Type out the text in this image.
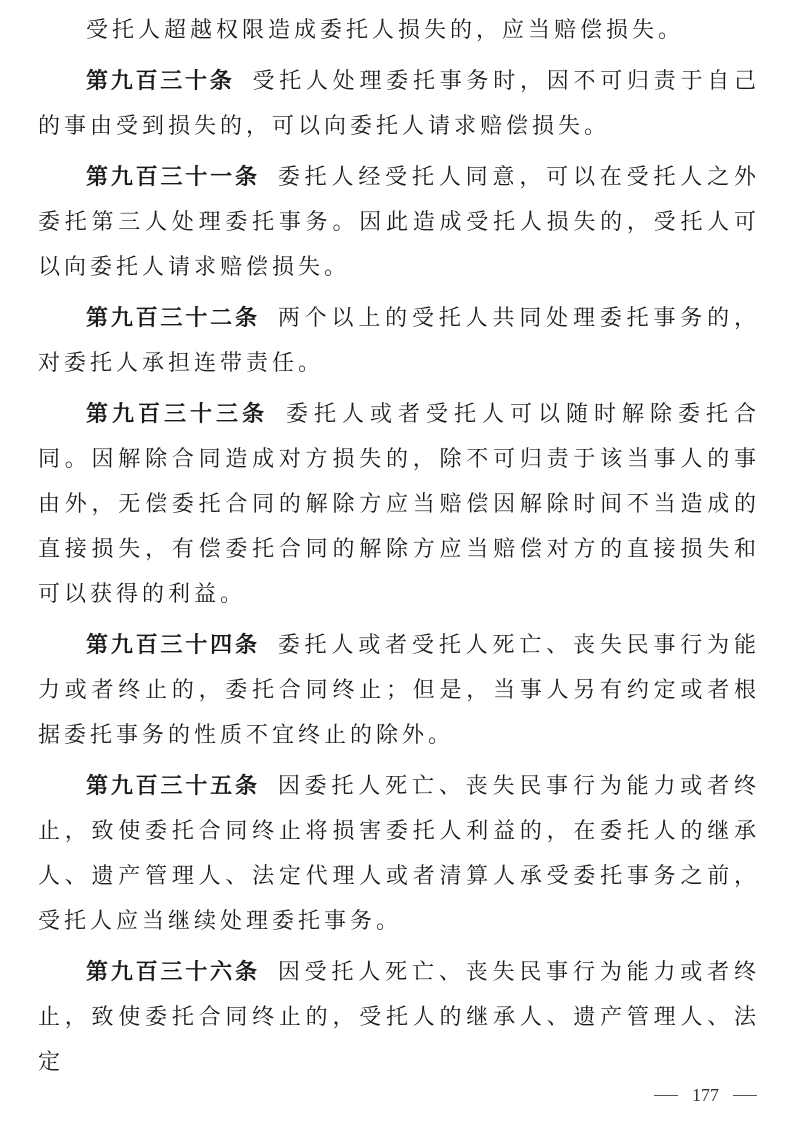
受托人超越权限造成委托人损失的，应当赔偿损失。

第九百三十条 受托人处理委托事务时，因不可归责于自己的事由受到损失的，可以向委托人请求赔偿损失。

第九百三十一条 委托人经受托人同意，可以在受托人之外委托第三人处理委托事务。因此造成受托人损失的，受托人可以向委托人请求赔偿损失。

第九百三十二条 两个以上的受托人共同处理委托事务的，对委托人承担连带责任。

第九百三十三条 委托人或者受托人可以随时解除委托合同。因解除合同造成对方损失的，除不可归责于该当事人的事由外，无偿委托合同的解除方应当赔偿因解除时间不当造成的直接损失，有偿委托合同的解除方应当赔偿对方的直接损失和可以获得的利益。

第九百三十四条 委托人或者受托人死亡、丧失民事行为能力或者终止的，委托合同终止；但是，当事人另有约定或者根据委托事务的性质不宜终止的除外。

第九百三十五条 因委托人死亡、丧失民事行为能力或者终止，致使委托合同终止将损害委托人利益的，在委托人的继承人、遗产管理人、法定代理人或者清算人承受委托事务之前，受托人应当继续处理委托事务。

第九百三十六条 因受托人死亡、丧失民事行为能力或者终止，致使委托合同终止的，受托人的继承人、遗产管理人、法定

177
